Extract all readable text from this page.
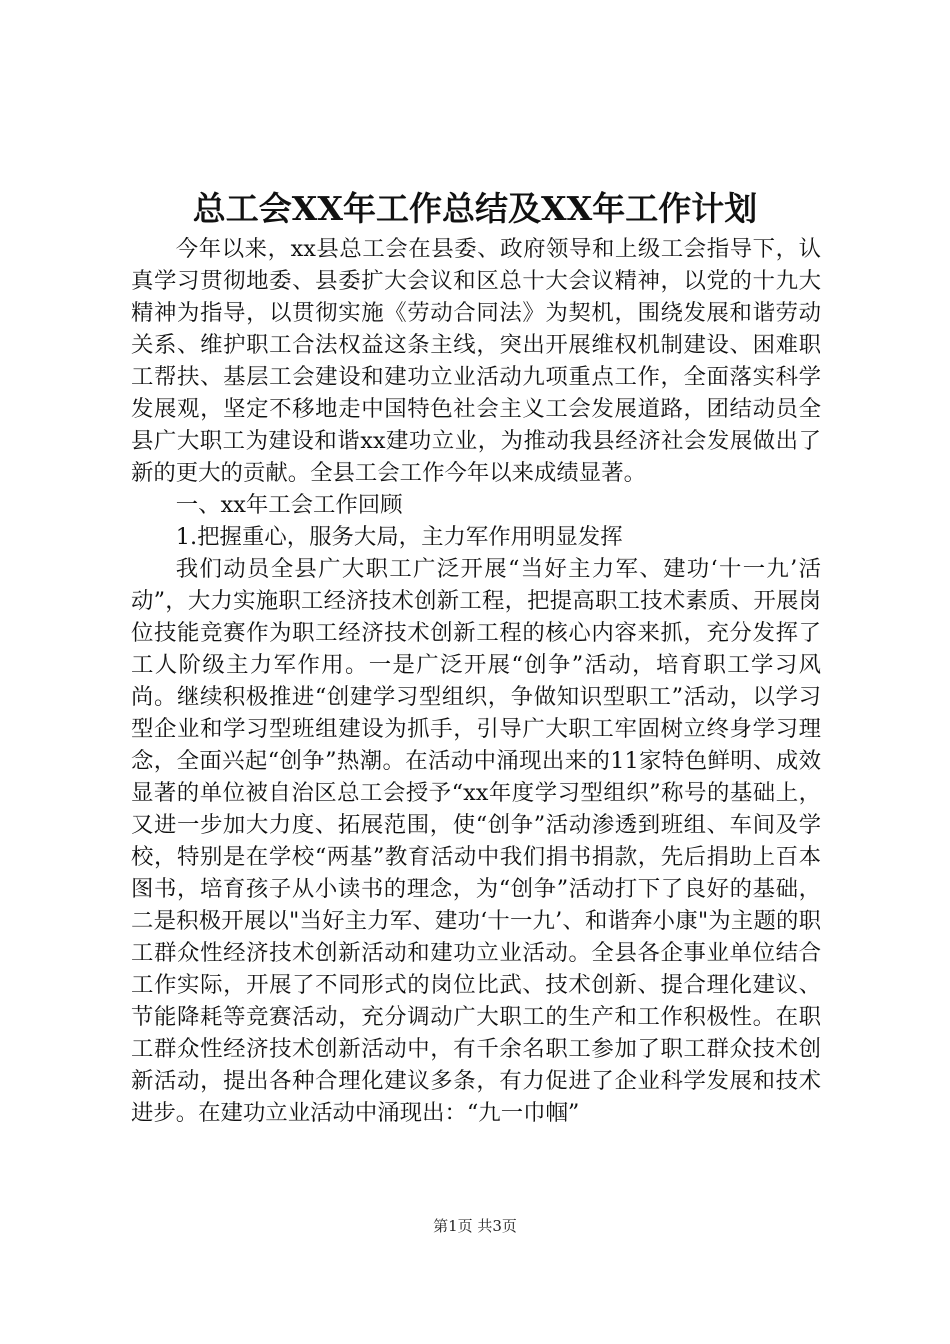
总工会XX年工作总结及XX年工作计划

今年以来，xx县总工会在县委、政府领导和上级工会指导下，认真学习贯彻地委、县委扩大会议和区总十大会议精神，以党的十九大精神为指导，以贯彻实施《劳动合同法》为契机，围绕发展和谐劳动关系、维护职工合法权益这条主线，突出开展维权机制建设、困难职工帮扶、基层工会建设和建功立业活动九项重点工作，全面落实科学发展观，坚定不移地走中国特色社会主义工会发展道路，团结动员全县广大职工为建设和谐xx建功立业，为推动我县经济社会发展做出了新的更大的贡献。全县工会工作今年以来成绩显著。

一、xx年工会工作回顾

1.把握重心，服务大局，主力军作用明显发挥

我们动员全县广大职工广泛开展“当好主力军、建功‘十一九’活动”，大力实施职工经济技术创新工程，把提高职工技术素质、开展岗位技能竞赛作为职工经济技术创新工程的核心内容来抓，充分发挥了工人阶级主力军作用。一是广泛开展“创争”活动，培育职工学习风尚。继续积极推进“创建学习型组织，争做知识型职工”活动，以学习型企业和学习型班组建设为抓手，引导广大职工牢固树立终身学习理念，全面兴起“创争”热潮。在活动中涌现出来的11家特色鲜明、成效显著的单位被自治区总工会授予“xx年度学习型组织”称号的基础上，又进一步加大力度、拓展范围，使“创争”活动渗透到班组、车间及学校，特别是在学校“两基”教育活动中我们捐书捐款，先后捐助上百本图书，培育孩子从小读书的理念，为“创争”活动打下了良好的基础，二是积极开展以"当好主力军、建功‘十一九’、和谐奔小康"为主题的职工群众性经济技术创新活动和建功立业活动。全县各企事业单位结合工作实际，开展了不同形式的岗位比武、技术创新、提合理化建议、节能降耗等竞赛活动，充分调动广大职工的生产和工作积极性。在职工群众性经济技术创新活动中，有千余名职工参加了职工群众技术创新活动，提出各种合理化建议多条，有力促进了企业科学发展和技术进步。在建功立业活动中涌现出：“九一巾帼”

第1页 共3页
